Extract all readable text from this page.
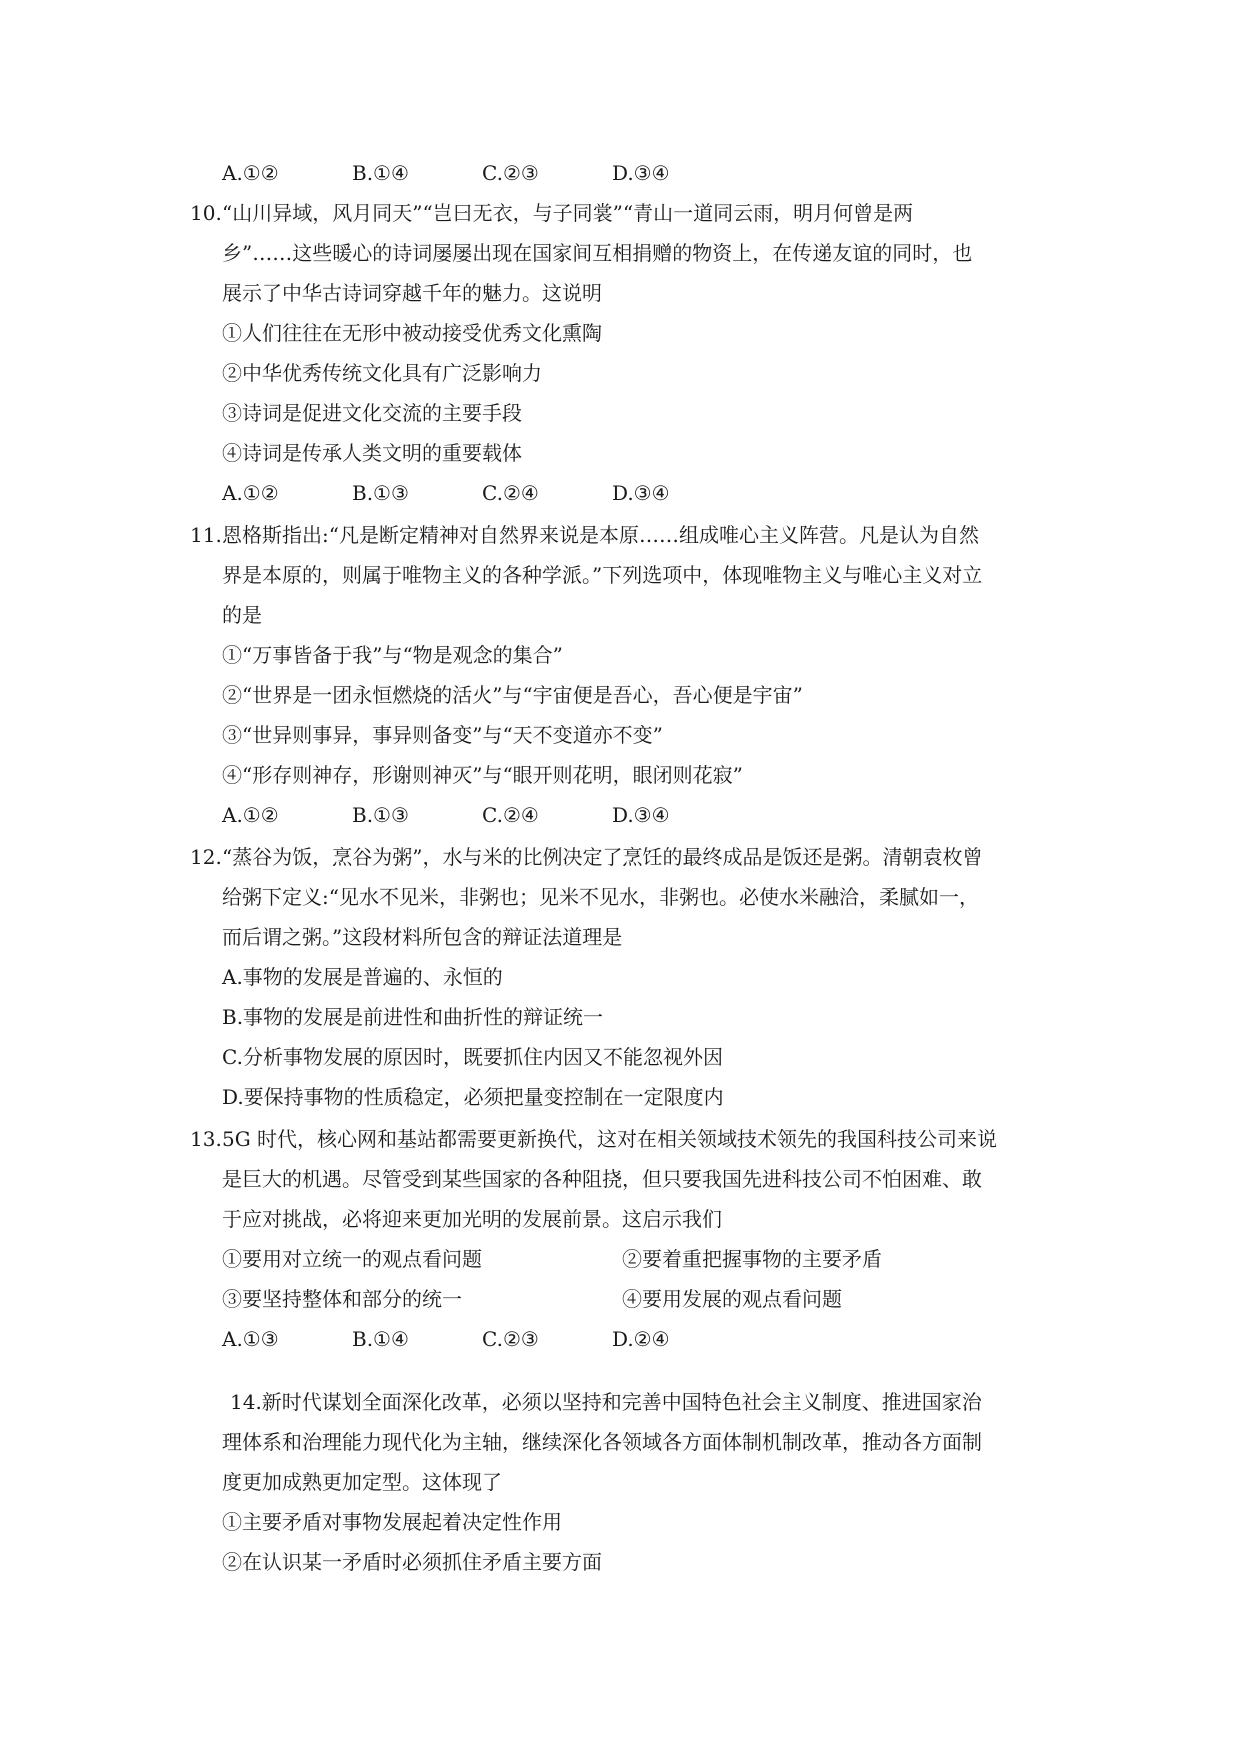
A.①②	B.①④	C.②③	D.③④
10. “山川异域，风月同天”“岂曰无衣，与子同裳”“青山一道同云雨，明月何曾是两
乡”……这些暖心的诗词屡屡出现在国家间互相捐赠的物资上，在传递友谊的同时，也
展示了中华古诗词穿越千年的魅力。这说明
①人们往往在无形中被动接受优秀文化熏陶
②中华优秀传统文化具有广泛影响力
③诗词是促进文化交流的主要手段
④诗词是传承人类文明的重要载体
A.①②	B.①③	C.②④	D.③④
11. 恩格斯指出:“凡是断定精神对自然界来说是本原……组成唯心主义阵营。凡是认为自然
界是本原的，则属于唯物主义的各种学派。”下列选项中，体现唯物主义与唯心主义对立
的是
①“万事皆备于我”与“物是观念的集合”
②“世界是一团永恒燃烧的活火”与“宇宙便是吾心，吾心便是宇宙”
③“世异则事异，事异则备变”与“天不变道亦不变”
④“形存则神存，形谢则神灭”与“眼开则花明，眼闭则花寂”
A.①②	B.①③	C.②④	D.③④
12. “蒸谷为饭，烹谷为粥”，水与米的比例决定了烹饪的最终成品是饭还是粥。清朝袁枚曾
给粥下定义:“见水不见米，非粥也；见米不见水，非粥也。必使水米融洽，柔腻如一，
而后谓之粥。”这段材料所包含的辩证法道理是
A.事物的发展是普遍的、永恒的
B.事物的发展是前进性和曲折性的辩证统一
C.分析事物发展的原因时，既要抓住内因又不能忽视外因
D.要保持事物的性质稳定，必须把量变控制在一定限度内
13. 5G 时代，核心网和基站都需要更新换代，这对在相关领域技术领先的我国科技公司来说
是巨大的机遇。尽管受到某些国家的各种阻挠，但只要我国先进科技公司不怕困难、敢
于应对挑战，必将迎来更加光明的发展前景。这启示我们
①要用对立统一的观点看问题	②要着重把握事物的主要矛盾
③要坚持整体和部分的统一	④要用发展的观点看问题
A.①③	B.①④	C.②③	D.②④
14.新时代谋划全面深化改革，必须以坚持和完善中国特色社会主义制度、推进国家治
理体系和治理能力现代化为主轴，继续深化各领域各方面体制机制改革，推动各方面制
度更加成熟更加定型。这体现了
①主要矛盾对事物发展起着决定性作用
②在认识某一矛盾时必须抓住矛盾主要方面
